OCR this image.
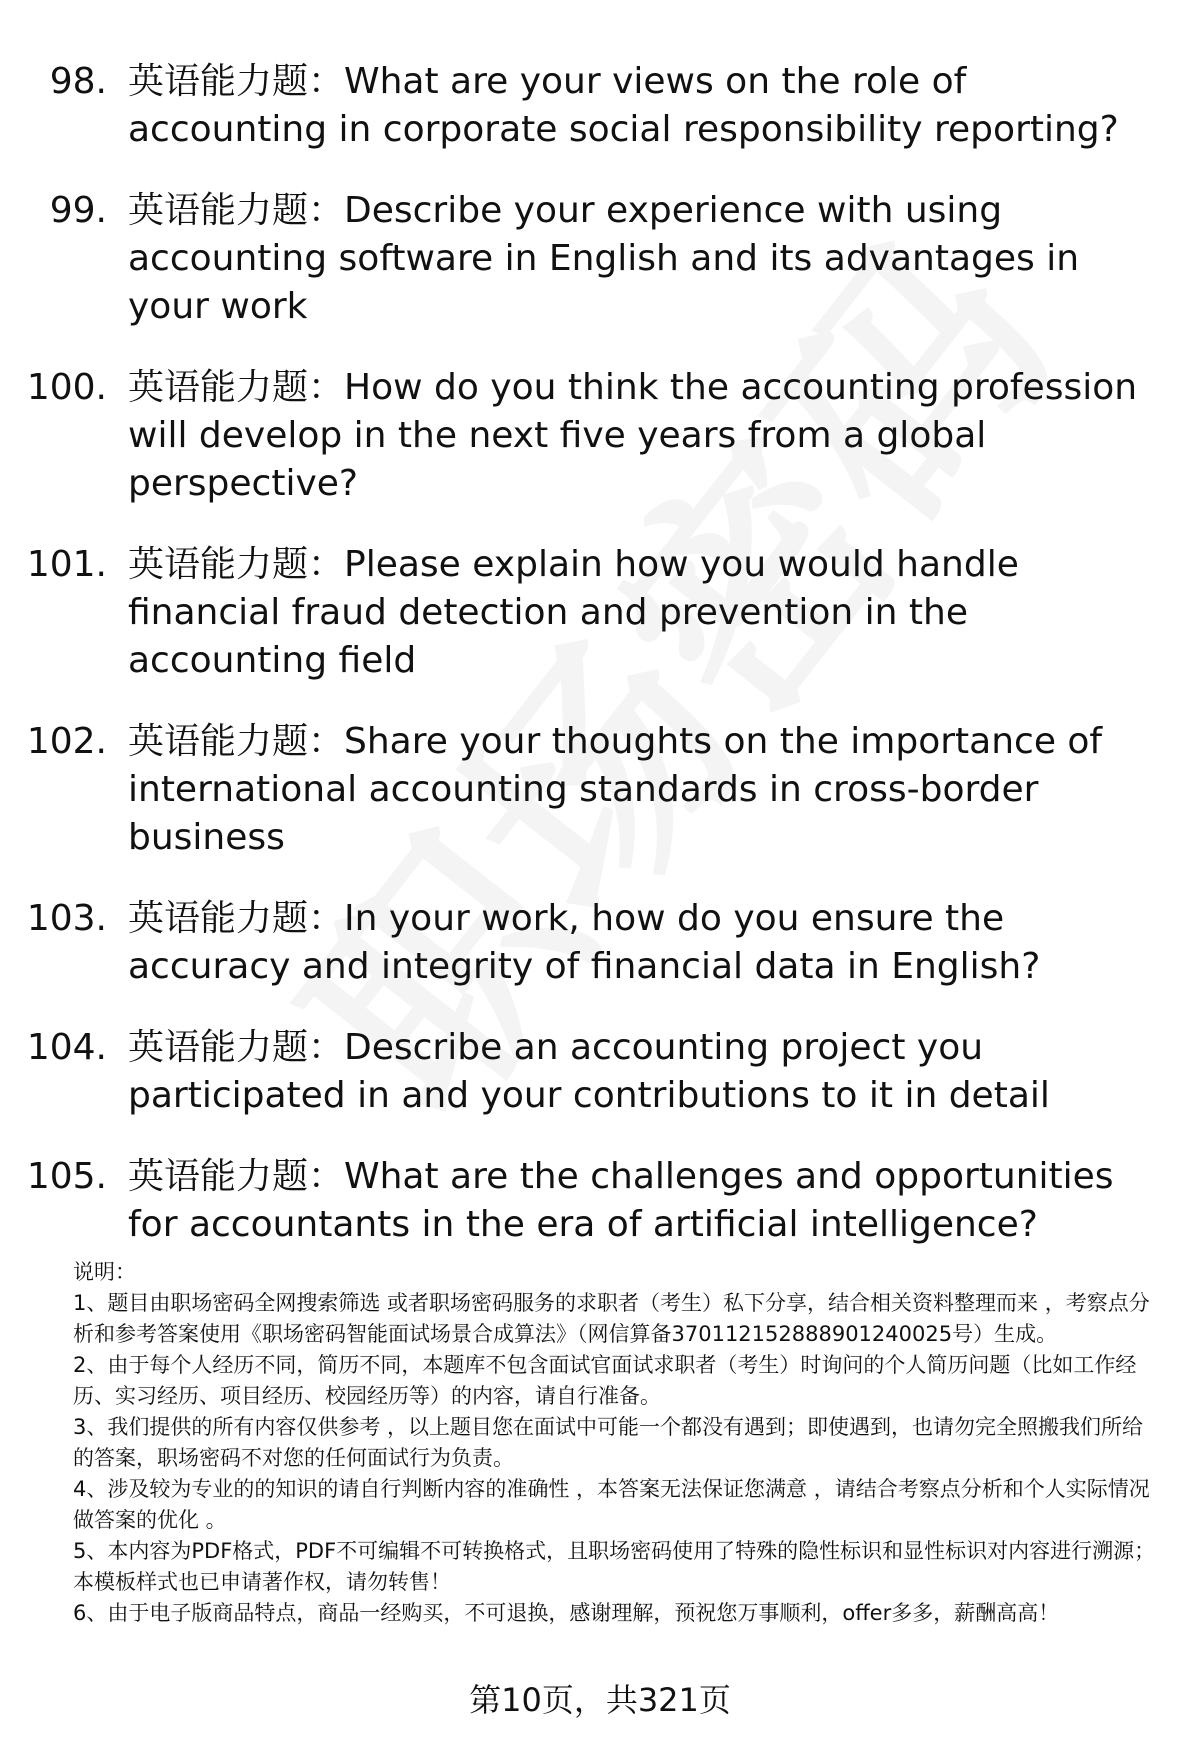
98. 英语能力题：What are your views on the role of accounting in corporate social responsibility reporting?
99. 英语能力题：Describe your experience with using accounting software in English and its advantages in your work
100. 英语能力题：How do you think the accounting profession will develop in the next five years from a global perspective?
101. 英语能力题：Please explain how you would handle financial fraud detection and prevention in the accounting field
102. 英语能力题：Share your thoughts on the importance of international accounting standards in cross-border business
103. 英语能力题：In your work, how do you ensure the accuracy and integrity of financial data in English?
104. 英语能力题：Describe an accounting project you participated in and your contributions to it in detail
105. 英语能力题：What are the challenges and opportunities for accountants in the era of artificial intelligence?

说明：

1、题目由职场密码全网搜索筛选 或者职场密码服务的求职者（考生）私下分享，结合相关资料整理而来 ，考察点分析和参考答案使用《职场密码智能面试场景合成算法》（网信算备370112152888901240025号）生成。

2、由于每个人经历不同，简历不同，本题库不包含面试官面试求职者（考生）时询问的个人简历问题（比如工作经历、实习经历、项目经历、校园经历等）的内容，请自行准备。

3、我们提供的所有内容仅供参考 ，以上题目您在面试中可能一个都没有遇到；即使遇到，也请勿完全照搬我们所给的答案，职场密码不对您的任何面试行为负责。

4、涉及较为专业的的知识的请自行判断内容的准确性 ，本答案无法保证您满意 ，请结合考察点分析和个人实际情况做答案的优化 。

5、本内容为PDF格式，PDF不可编辑不可转换格式，且职场密码使用了特殊的隐性标识和显性标识对内容进行溯源；本模板样式也已申请著作权，请勿转售！

6、由于电子版商品特点，商品一经购买，不可退换，感谢理解，预祝您万事顺利，offer多多，薪酬高高！

第10页，共321页
